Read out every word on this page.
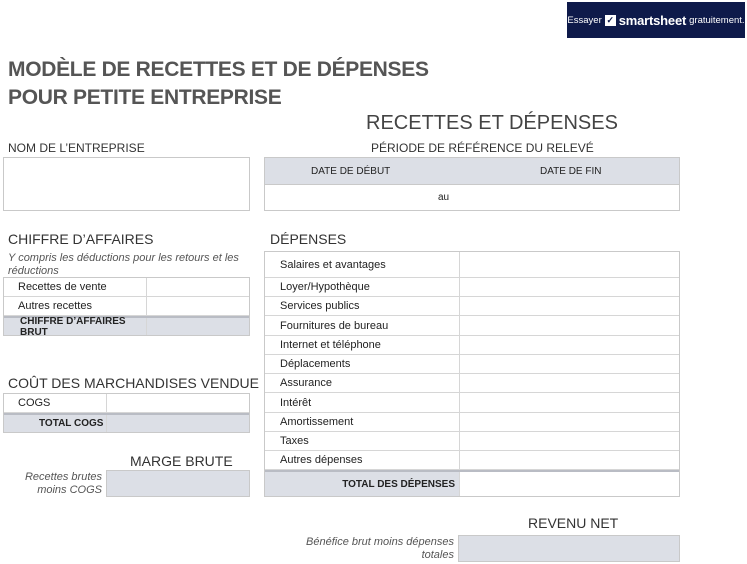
Essayer ✓ smartsheet gratuitement.
MODÈLE DE RECETTES ET DE DÉPENSES
POUR PETITE ENTREPRISE
RECETTES ET DÉPENSES
NOM DE L’ENTREPRISE	PÉRIODE DE RÉFÉRENCE DU RELEVÉ
DATE DE DÉBUT	DATE DE FIN
au
CHIFFRE D’AFFAIRES
Y compris les déductions pour les retours et les réductions
Recettes de vente
Autres recettes
CHIFFRE D’AFFAIRES BRUT
COÛT DES MARCHANDISES VENDUE
COGS
TOTAL COGS
MARGE BRUTE
Recettes brutes moins COGS
DÉPENSES
Salaires et avantages
Loyer/Hypothèque
Services publics
Fournitures de bureau
Internet et téléphone
Déplacements
Assurance
Intérêt
Amortissement
Taxes
Autres dépenses
TOTAL DES DÉPENSES
REVENU NET
Bénéfice brut moins dépenses totales
